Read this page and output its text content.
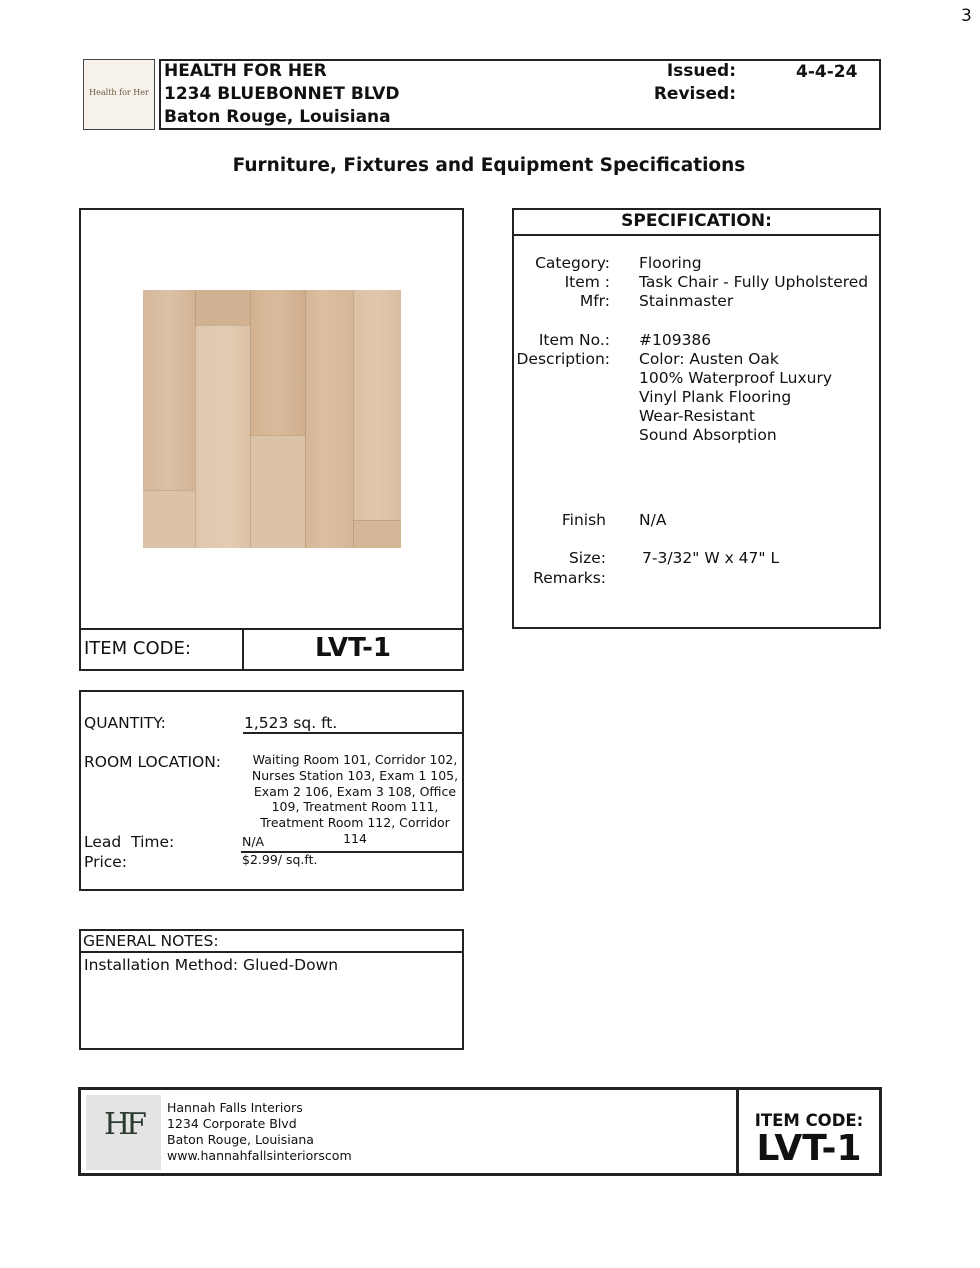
3
Health for Her
HEALTH FOR HER
1234 BLUEBONNET BLVD
Baton Rouge, Louisiana
Issued:	4-4-24
Revised:
Furniture, Fixtures and Equipment Specifications
ITEM CODE:	LVT-1
SPECIFICATION:
Category: Flooring
Item : Task Chair - Fully Upholstered
Mfr: Stainmaster
Item No.: #109386
Description: Color: Austen Oak
100% Waterproof Luxury
Vinyl Plank Flooring
Wear-Resistant
Sound Absorption
Finish N/A
Size: 7-3/32" W x 47" L
Remarks:
QUANTITY:	1,523 sq. ft.
ROOM LOCATION:	Waiting Room 101, Corridor 102,
Nurses Station 103, Exam 1 105,
Exam 2 106, Exam 3 108, Office
109, Treatment Room 111,
Treatment Room 112, Corridor 114
Lead  Time:	N/A
Price:	$2.99/ sq.ft.
GENERAL NOTES:
Installation Method: Glued-Down
HF	Hannah Falls Interiors
1234 Corporate Blvd
Baton Rouge, Louisiana
www.hannahfallsinteriorscom
ITEM CODE:
LVT-1
